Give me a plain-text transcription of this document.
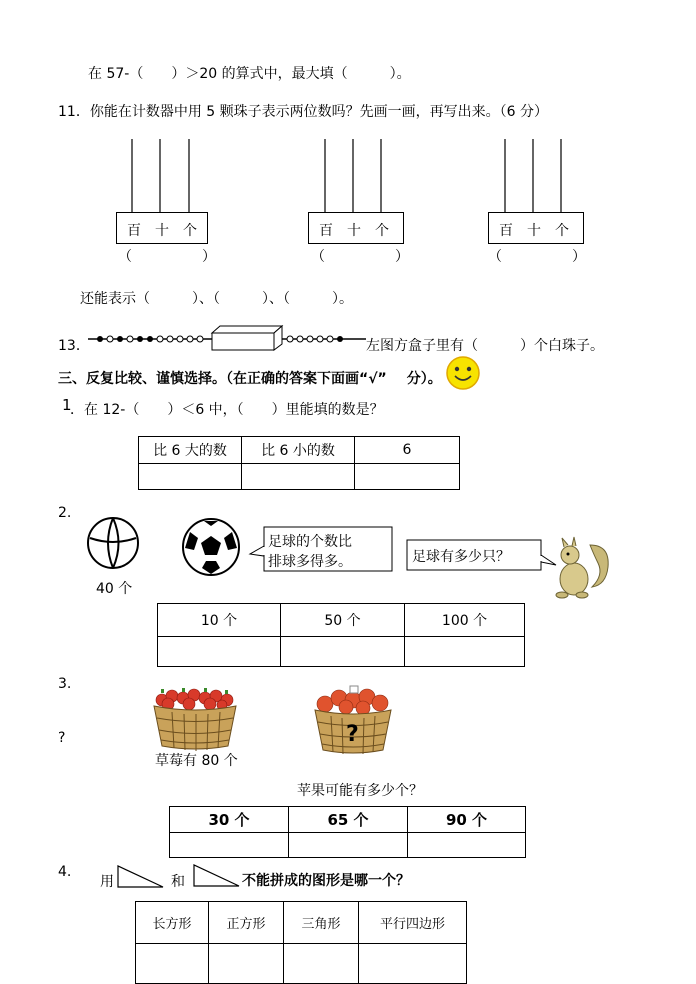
在 57-（　　）＞20 的算式中，最大填（　　　）。
11．你能在计数器中用 5 颗珠子表示两位数吗？先画一画，再写出来。（6 分）
百　十　个
（　　　　　）
百　十　个
（　　　　　）
百　十　个
（　　　　　）
还能表示（　　　）、（　　　）、（　　　）。
13．	左图方盒子里有（　　　）个白珠子。
三、反复比较、谨慎选择。（在正确的答案下面画“√” 分）。
1
．在 12-（　　）＜6 中，（　　）里能填的数是？
比 6 大的数	比 6 小的数	6

2.
40 个
足球的个数比
排球多得多。	足球有多少只？
10 个	50 个	100 个

3.
?
草莓有 80 个
?
苹果可能有多少个？
30 个	65 个	90 个

4.
用	和	不能拼成的图形是哪一个？
长方形	正方形	三角形	平行四边形
